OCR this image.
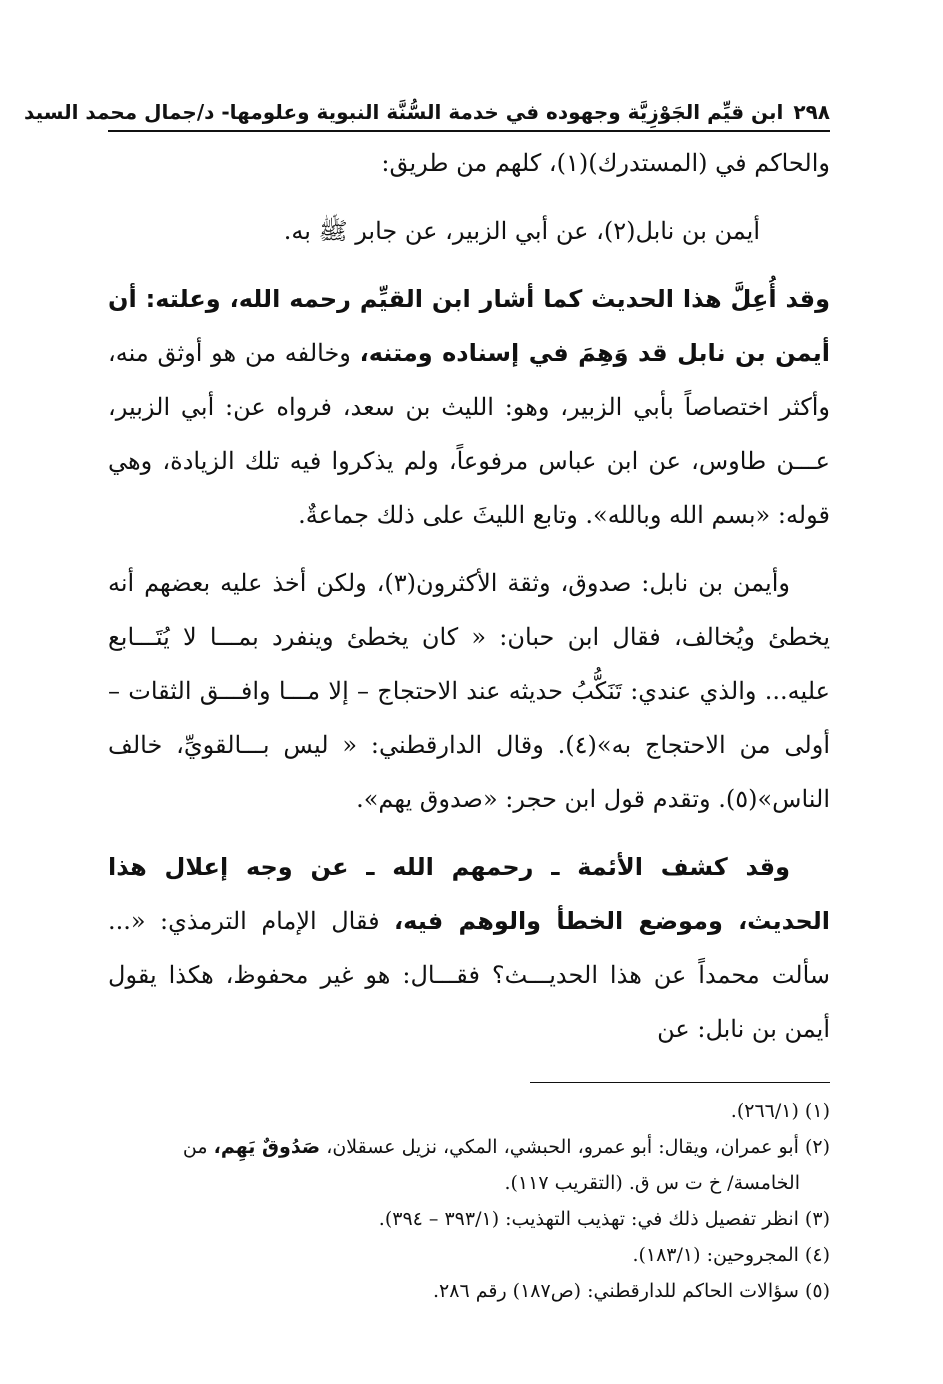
٢٩٨
ابن قيِّم الجَوْزِيَّة وجهوده في خدمة السُّنَّة النبوية وعلومها- د/جمال محمد السيد

والحاكم في (المستدرك)(١)، كلهم من طريق:

أيمن بن نابل(٢)، عن أبي الزبير، عن جابر ﷺ به.

وقد أُعِلَّ هذا الحديث كما أشار ابن القيِّم رحمه الله، وعلته: أن أيمن بن نابل قد وَهِمَ في إسناده ومتنه، وخالفه من هو أوثق منه، وأكثر اختصاصاً بأبي الزبير، وهو: الليث بن سعد، فرواه عن: أبي الزبير، عـــن طاوس، عن ابن عباس مرفوعاً، ولم يذكروا فيه تلك الزيادة، وهي قوله: «بسم الله وبالله». وتابع الليثَ على ذلك جماعةٌ.

وأيمن بن نابل: صدوق، وثقة الأكثرون(٣)، ولكن أخذ عليه بعضهم أنه يخطئ ويُخالف، فقال ابن حبان: « كان يخطئ وينفرد بمـــا لا يُتَـــابع عليه... والذي عندي: تَنَكُّبُ حديثه عند الاحتجاج – إلا مـــا وافـــق الثقات – أولى من الاحتجاج به»(٤). وقال الدارقطني: « ليس بـــالقويِّ، خالف الناس»(٥). وتقدم قول ابن حجر: «صدوق يهم».

وقد كشف الأئمة ـ رحمهم الله ـ عن وجه إعلال هذا الحديث، وموضع الخطأ والوهم فيه، فقال الإمام الترمذي: «... سألت محمداً عن هذا الحديـــث؟ فقـــال: هو غير محفوظ، هكذا يقول أيمن بن نابل: عن

(١) (٢٦٦/١).

(٢) أبو عمران، ويقال: أبو عمرو، الحبشي، المكي، نزيل عسقلان، صَدُوقٌ يَهِم، من

الخامسة/ خ ت س ق. (التقريب ١١٧).

(٣) انظر تفصيل ذلك في: تهذيب التهذيب: (٣٩٣/١ – ٣٩٤).

(٤) المجروحين: (١٨٣/١).

(٥) سؤالات الحاكم للدارقطني: (ص١٨٧) رقم ٢٨٦.
